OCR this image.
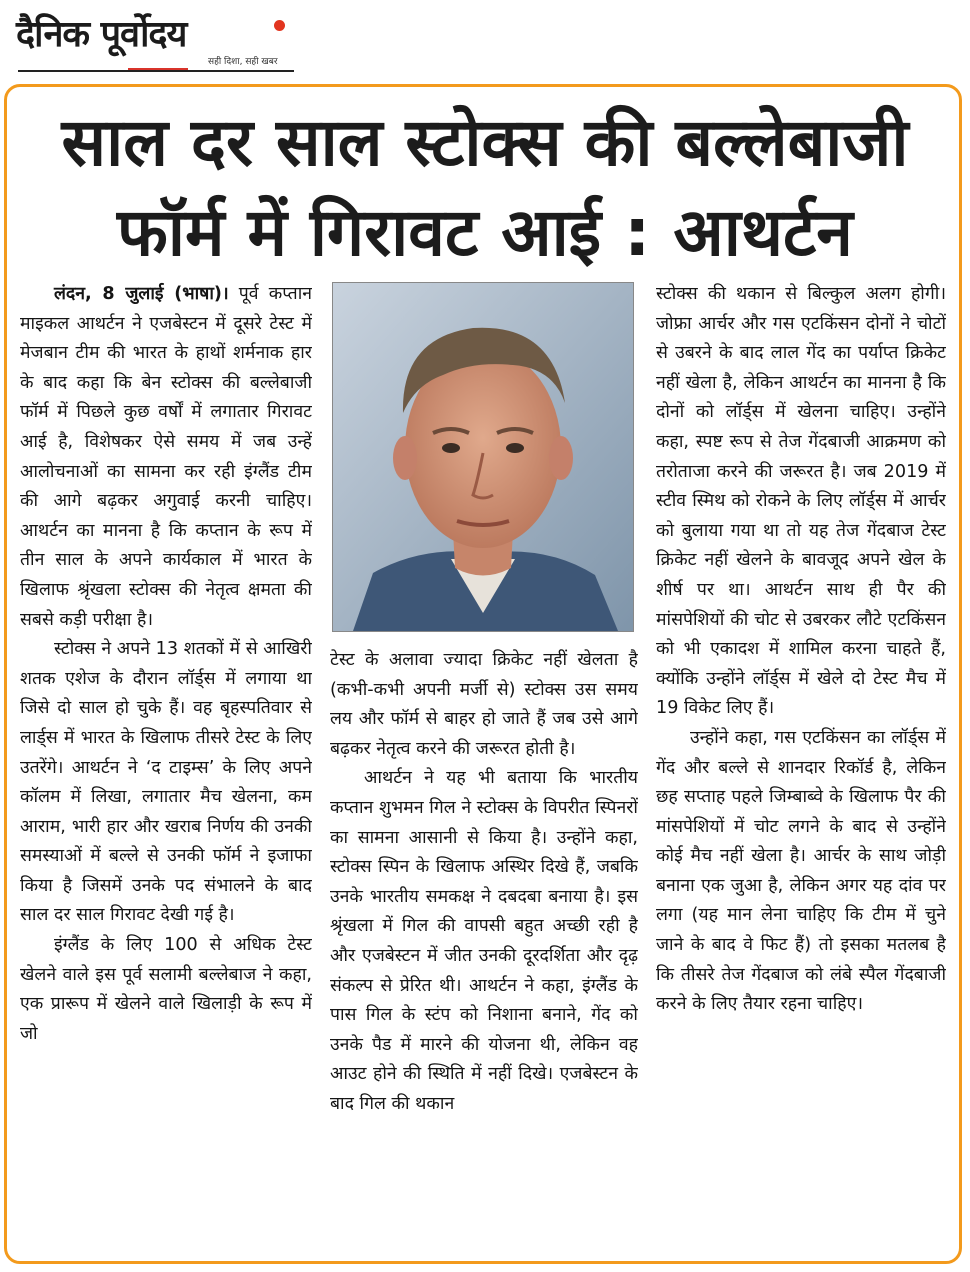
दैनिक पूर्वोदय
सही दिशा, सही खबर
साल दर साल स्टोक्स की बल्लेबाजी
फॉर्म में गिरावट आई : आथर्टन

लंदन, 8 जुलाई (भाषा)। पूर्व कप्तान माइकल आथर्टन ने एजबेस्टन में दूसरे टेस्ट में मेजबान टीम की भारत के हाथों शर्मनाक हार के बाद कहा कि बेन स्टोक्स की बल्लेबाजी फॉर्म में पिछले कुछ वर्षों में लगातार गिरावट आई है, विशेषकर ऐसे समय में जब उन्हें आलोचनाओं का सामना कर रही इंग्लैंड टीम की आगे बढ़कर अगुवाई करनी चाहिए। आथर्टन का मानना है कि कप्तान के रूप में तीन साल के अपने कार्यकाल में भारत के खिलाफ श्रृंखला स्टोक्स की नेतृत्व क्षमता की सबसे कड़ी परीक्षा है।

स्टोक्स ने अपने 13 शतकों में से आखिरी शतक एशेज के दौरान लॉर्ड्स में लगाया था जिसे दो साल हो चुके हैं। वह बृहस्पतिवार से लार्ड्स में भारत के खिलाफ तीसरे टेस्ट के लिए उतरेंगे। आथर्टन ने ‘द टाइम्स’ के लिए अपने कॉलम में लिखा, लगातार मैच खेलना, कम आराम, भारी हार और खराब निर्णय की उनकी समस्याओं में बल्ले से उनकी फॉर्म ने इजाफा किया है जिसमें उनके पद संभालने के बाद साल दर साल गिरावट देखी गई है।

इंग्लैंड के लिए 100 से अधिक टेस्ट खेलने वाले इस पूर्व सलामी बल्लेबाज ने कहा, एक प्रारूप में खेलने वाले खिलाड़ी के रूप में जो

टेस्ट के अलावा ज्यादा क्रिकेट नहीं खेलता है (कभी-कभी अपनी मर्जी से) स्टोक्स उस समय लय और फॉर्म से बाहर हो जाते हैं जब उसे आगे बढ़कर नेतृत्व करने की जरूरत होती है।

आथर्टन ने यह भी बताया कि भारतीय कप्तान शुभमन गिल ने स्टोक्स के विपरीत स्पिनरों का सामना आसानी से किया है। उन्होंने कहा, स्टोक्स स्पिन के खिलाफ अस्थिर दिखे हैं, जबकि उनके भारतीय समकक्ष ने दबदबा बनाया है। इस श्रृंखला में गिल की वापसी बहुत अच्छी रही है और एजबेस्टन में जीत उनकी दूरदर्शिता और दृढ़ संकल्प से प्रेरित थी। आथर्टन ने कहा, इंग्लैंड के पास गिल के स्टंप को निशाना बनाने, गेंद को उनके पैड में मारने की योजना थी, लेकिन वह आउट होने की स्थिति में नहीं दिखे। एजबेस्टन के बाद गिल की थकान

स्टोक्स की थकान से बिल्कुल अलग होगी। जोफ्रा आर्चर और गस एटकिंसन दोनों ने चोटों से उबरने के बाद लाल गेंद का पर्याप्त क्रिकेट नहीं खेला है, लेकिन आथर्टन का मानना है कि दोनों को लॉर्ड्स में खेलना चाहिए। उन्होंने कहा, स्पष्ट रूप से तेज गेंदबाजी आक्रमण को तरोताजा करने की जरूरत है। जब 2019 में स्टीव स्मिथ को रोकने के लिए लॉर्ड्स में आर्चर को बुलाया गया था तो यह तेज गेंदबाज टेस्ट क्रिकेट नहीं खेलने के बावजूद अपने खेल के शीर्ष पर था। आथर्टन साथ ही पैर की मांसपेशियों की चोट से उबरकर लौटे एटकिंसन को भी एकादश में शामिल करना चाहते हैं, क्योंकि उन्होंने लॉर्ड्स में खेले दो टेस्ट मैच में 19 विकेट लिए हैं।

उन्होंने कहा, गस एटकिंसन का लॉर्ड्स में गेंद और बल्ले से शानदार रिकॉर्ड है, लेकिन छह सप्ताह पहले जिम्बाब्वे के खिलाफ पैर की मांसपेशियों में चोट लगने के बाद से उन्होंने कोई मैच नहीं खेला है। आर्चर के साथ जोड़ी बनाना एक जुआ है, लेकिन अगर यह दांव पर लगा (यह मान लेना चाहिए कि टीम में चुने जाने के बाद वे फिट हैं) तो इसका मतलब है कि तीसरे तेज गेंदबाज को लंबे स्पैल गेंदबाजी करने के लिए तैयार रहना चाहिए।
